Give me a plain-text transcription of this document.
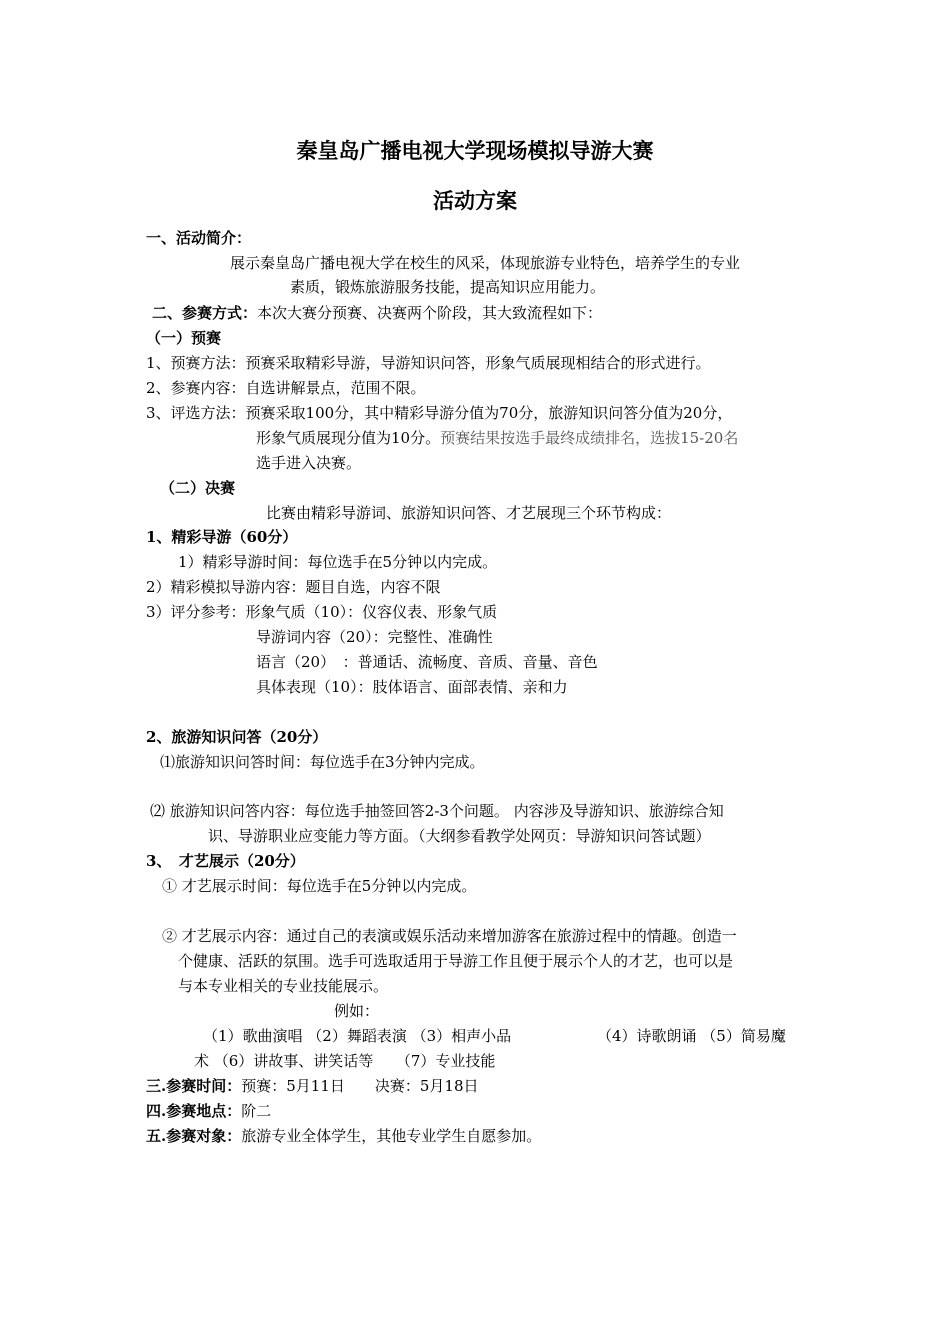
秦皇岛广播电视大学现场模拟导游大赛
活动方案
一、活动简介：
展示秦皇岛广播电视大学在校生的风采，体现旅游专业特色，培养学生的专业
素质，锻炼旅游服务技能，提高知识应用能力。
二、参赛方式：本次大赛分预赛、决赛两个阶段，其大致流程如下：
（一）预赛
1、预赛方法：预赛采取精彩导游，导游知识问答，形象气质展现相结合的形式进行。
2、参赛内容：自选讲解景点，范围不限。
3、评选方法：预赛采取100分，其中精彩导游分值为70分，旅游知识问答分值为20分，
形象气质展现分值为10分。预赛结果按选手最终成绩排名，选拔15-20名
选手进入决赛。
（二）决赛
比赛由精彩导游词、旅游知识问答、才艺展现三个环节构成：
1、精彩导游（60分）
1）精彩导游时间：每位选手在5分钟以内完成。
2）精彩模拟导游内容：题目自选，内容不限
3）评分参考：形象气质（10）：仪容仪表、形象气质
导游词内容（20）：完整性、准确性
语言（20）　：普通话、流畅度、音质、音量、音色
具体表现（10）：肢体语言、面部表情、亲和力
2、旅游知识问答（20分）
⑴旅游知识问答时间：每位选手在3分钟内完成。
⑵ 旅游知识问答内容：每位选手抽签回答2-3个问题。 内容涉及导游知识、旅游综合知
识、导游职业应变能力等方面。（大纲参看教学处网页：导游知识问答试题）
3、　才艺展示（20分）
① 才艺展示时间：每位选手在5分钟以内完成。
② 才艺展示内容：通过自己的表演或娱乐活动来增加游客在旅游过程中的情趣。创造一
个健康、活跃的氛围。选手可选取适用于导游工作且便于展示个人的才艺，也可以是
与本专业相关的专业技能展示。
例如：
（1）歌曲演唱 （2）舞蹈表演 （3）相声小品	（4）诗歌朗诵 （5）简易魔
术 （6）讲故事、讲笑话等　　（7）专业技能
三.参赛时间：预赛：5月11日　　决赛：5月18日
四.参赛地点：阶二
五.参赛对象：旅游专业全体学生，其他专业学生自愿参加。
